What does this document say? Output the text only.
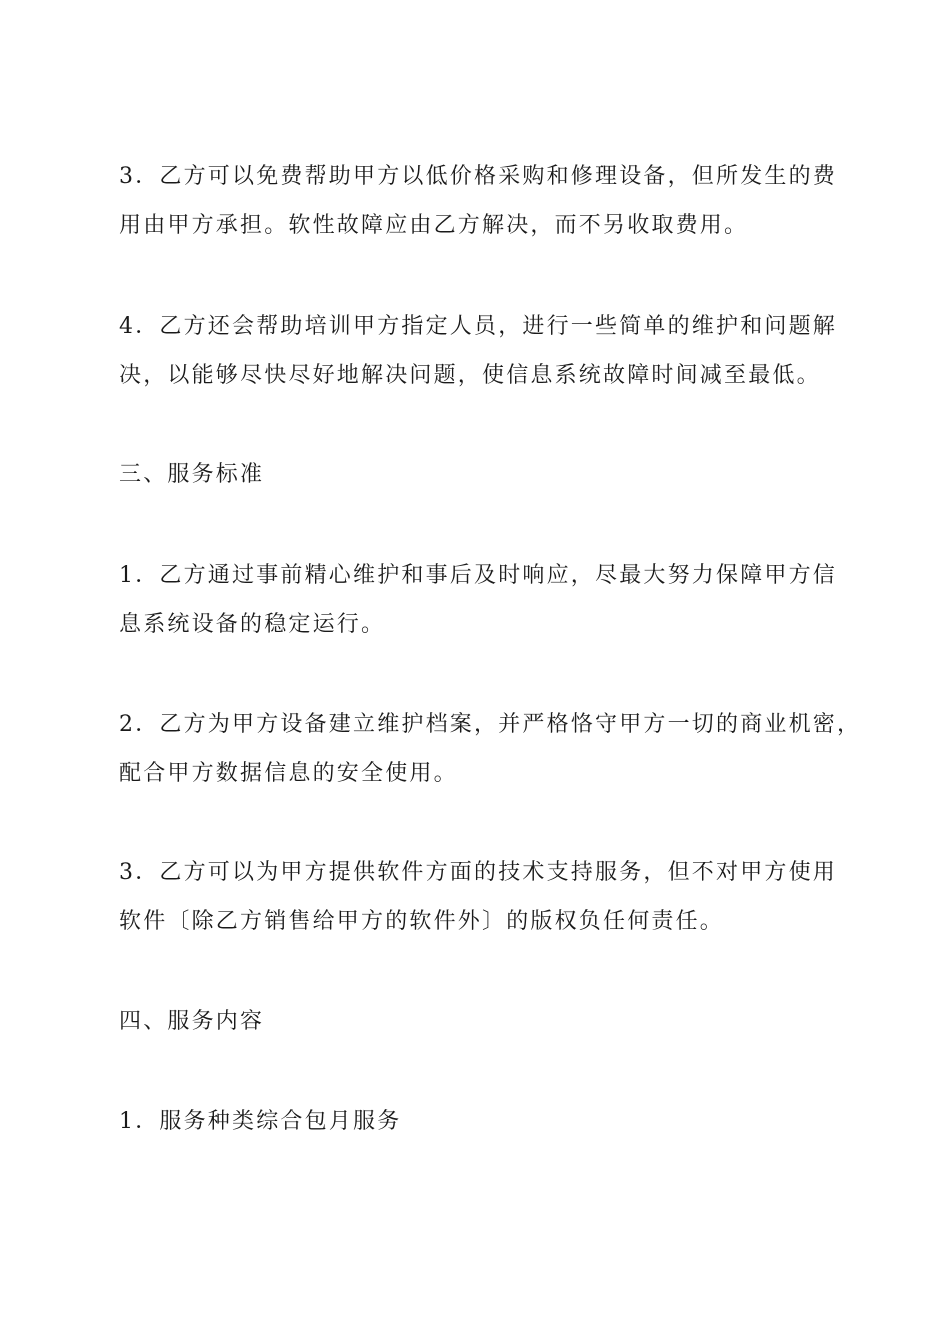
3．乙方可以免费帮助甲方以低价格采购和修理设备，但所发生的费
用由甲方承担。软性故障应由乙方解决，而不另收取费用。
4．乙方还会帮助培训甲方指定人员，进行一些简单的维护和问题解
决，以能够尽快尽好地解决问题，使信息系统故障时间减至最低。
三、服务标准
1．乙方通过事前精心维护和事后及时响应，尽最大努力保障甲方信
息系统设备的稳定运行。
2．乙方为甲方设备建立维护档案，并严格恪守甲方一切的商业机密，
配合甲方数据信息的安全使用。
3．乙方可以为甲方提供软件方面的技术支持服务，但不对甲方使用
软件〔除乙方销售给甲方的软件外〕的版权负任何责任。
四、服务内容
1．服务种类综合包月服务
